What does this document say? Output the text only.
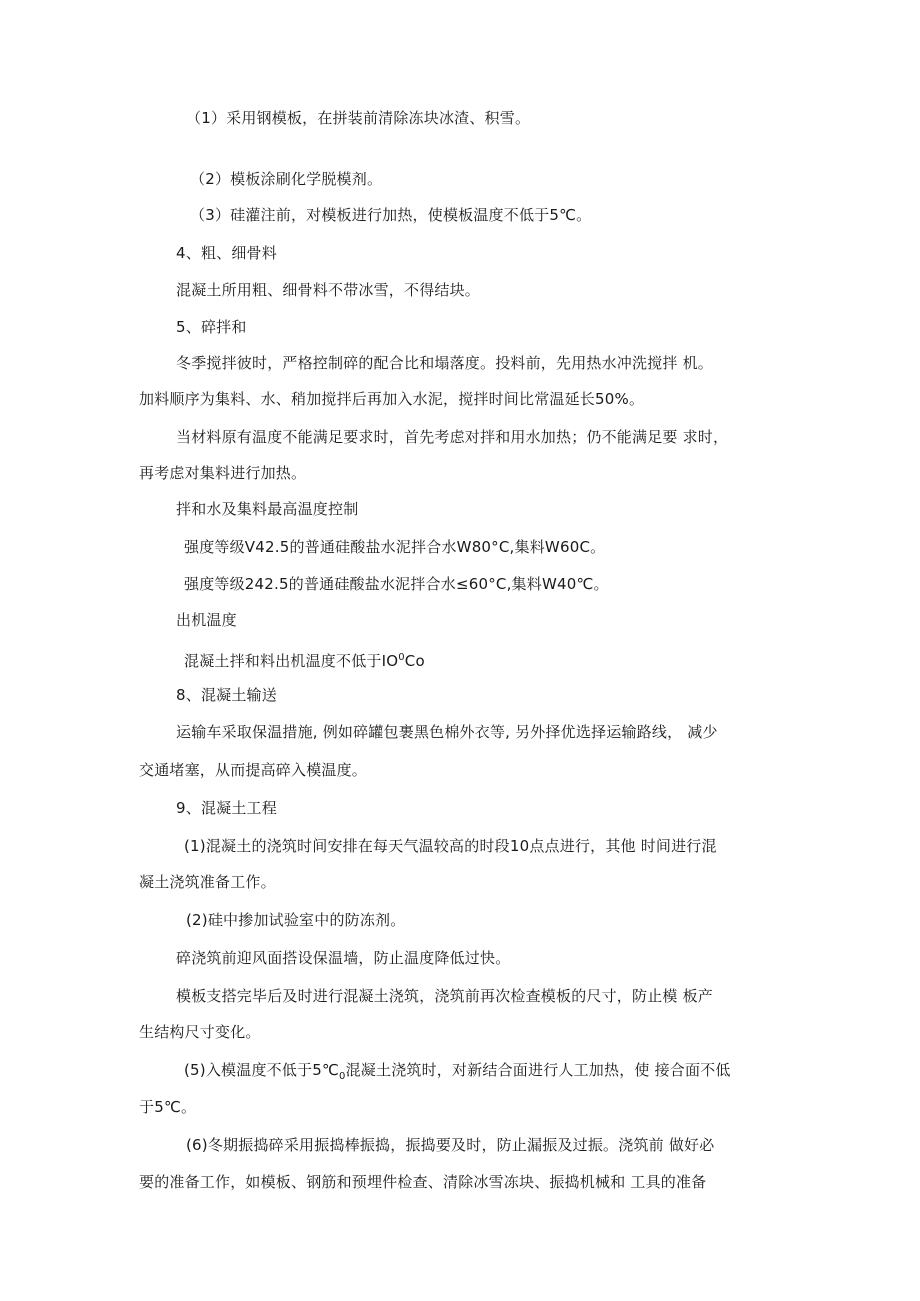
（1）采用钢模板，在拼装前清除冻块冰渣、积雪。
（2）模板涂刷化学脱模剂。
（3）硅灌注前，对模板进行加热，使模板温度不低于5℃。
4、粗、细骨料
混凝土所用粗、细骨料不带冰雪，不得结块。
5、碎拌和
冬季搅拌彼时，严格控制碎的配合比和塌落度。投料前，先用热水冲洗搅拌 机。
加料顺序为集料、水、稍加搅拌后再加入水泥，搅拌时间比常温延长50%。
当材料原有温度不能满足要求时，首先考虑对拌和用水加热；仍不能满足要 求时，
再考虑对集料进行加热。
拌和水及集料最高温度控制
强度等级V42.5的普通硅酸盐水泥拌合水W80°C,集料W60C。
强度等级242.5的普通硅酸盐水泥拌合水≤60°C,集料W40℃。
出机温度
混凝土拌和料出机温度不低于$IO^0Co$
8、混凝土输送
运输车采取保温措施, 例如碎罐包裹黑色棉外衣等, 另外择优选择运输路线， 减少
交通堵塞，从而提高碎入模温度。
9、混凝土工程
(1)混凝土的浇筑时间安排在每天气温较高的时段10点点进行，其他 时间进行混
凝土浇筑准备工作。
(2)硅中掺加试验室中的防冻剂。
碎浇筑前迎风面搭设保温墙，防止温度降低过快。
模板支搭完毕后及时进行混凝土浇筑，浇筑前再次检查模板的尺寸，防止模 板产
生结构尺寸变化。
(5)入模温度不低于$5℃_0$混凝土浇筑时，对新结合面进行人工加热，使 接合面不低
于5℃。
(6)冬期振捣碎采用振捣棒振捣，振捣要及时，防止漏振及过振。浇筑前 做好必
要的准备工作，如模板、钢筋和预埋件检查、清除冰雪冻块、振捣机械和 工具的准备
